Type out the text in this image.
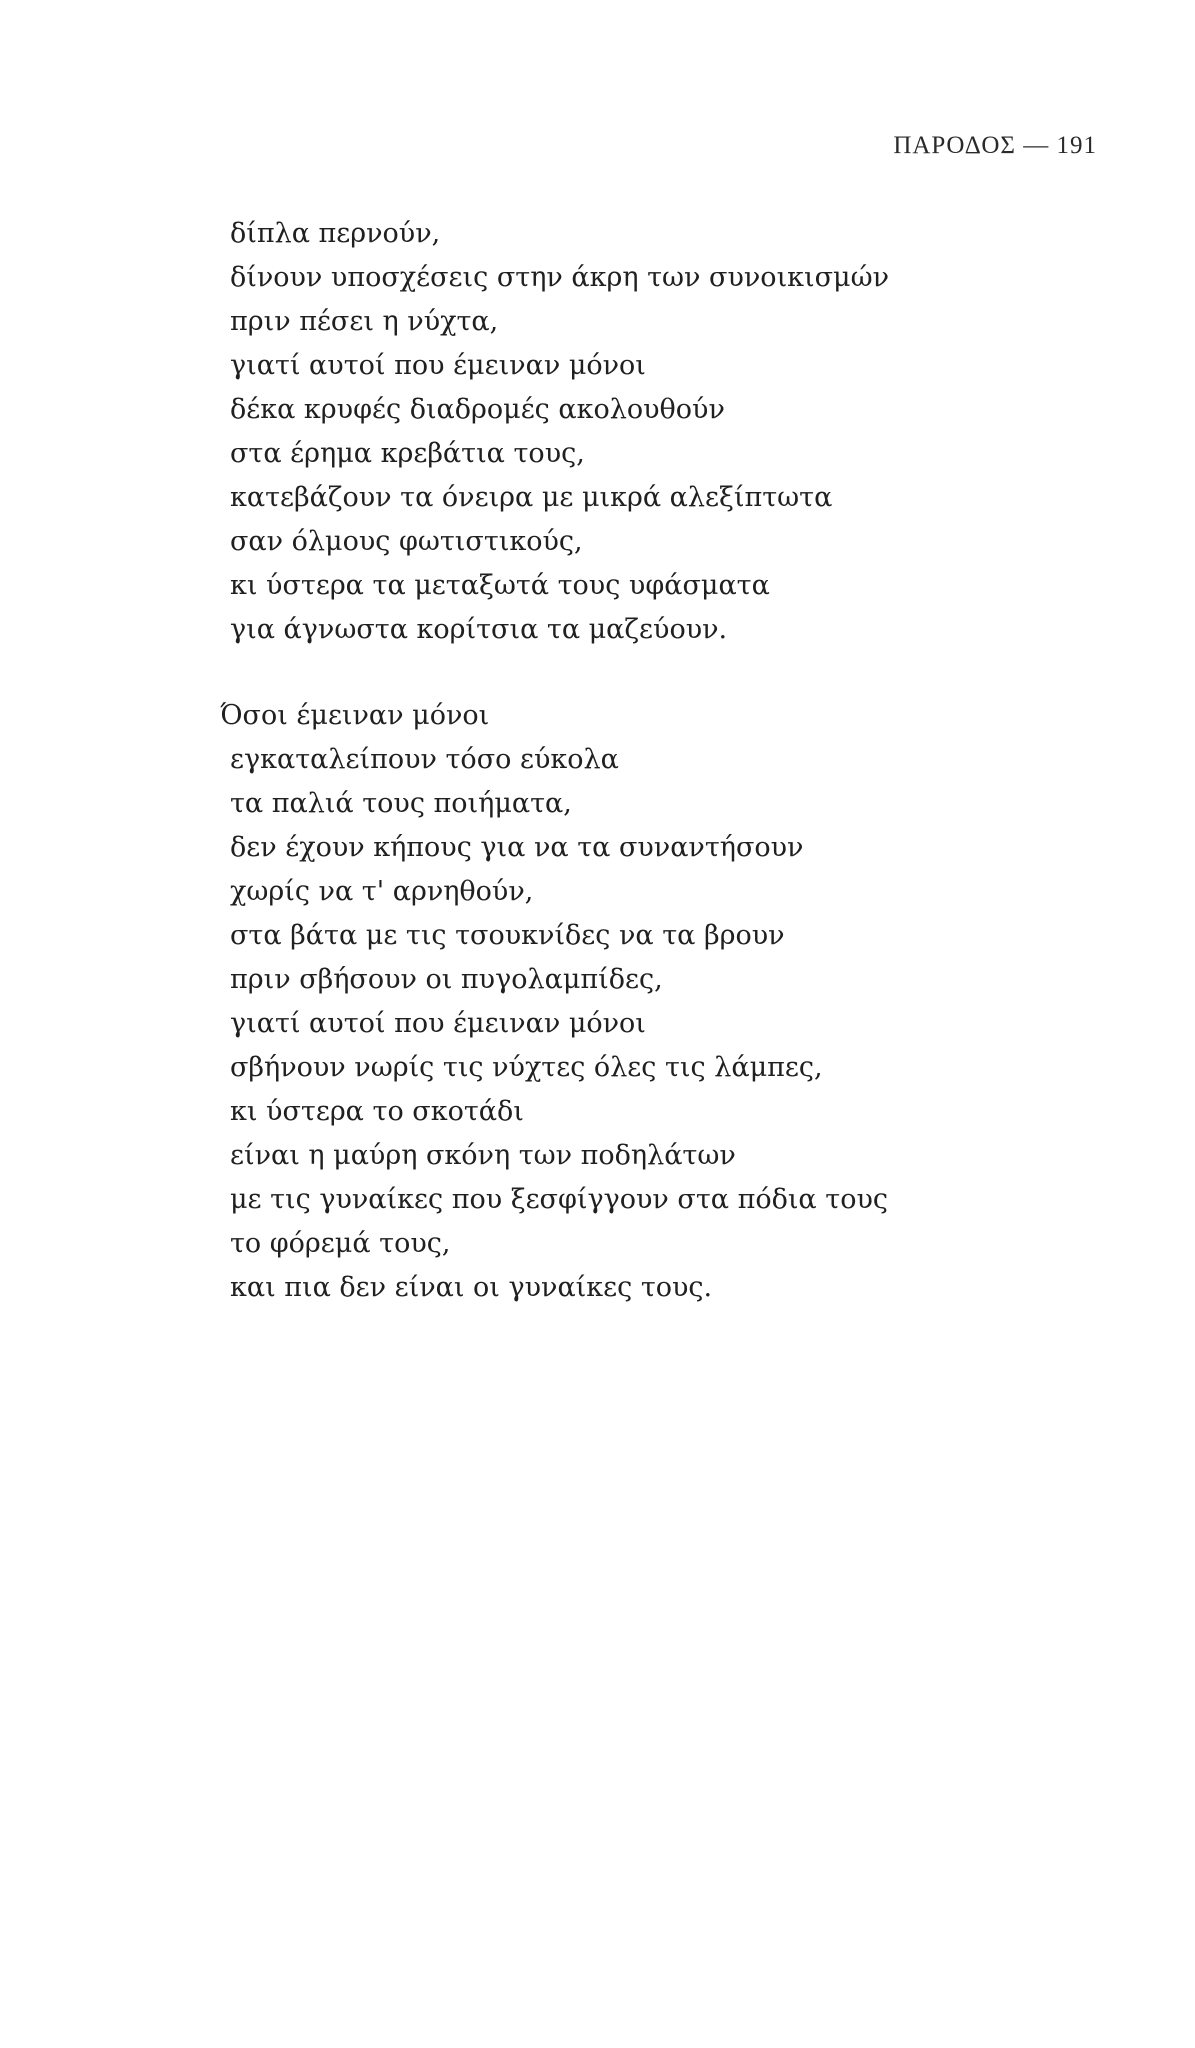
ΠΑΡΟΔΟΣ — 191
δίπλα περνούν,
δίνουν υποσχέσεις στην άκρη των συνοικισμών
πριν πέσει η νύχτα,
γιατί αυτοί που έμειναν μόνοι
δέκα κρυφές διαδρομές ακολουθούν
στα έρημα κρεβάτια τους,
κατεβάζουν τα όνειρα με μικρά αλεξίπτωτα
σαν όλμους φωτιστικούς,
κι ύστερα τα μεταξωτά τους υφάσματα
για άγνωστα κορίτσια τα μαζεύουν.
Όσοι έμειναν μόνοι
εγκαταλείπουν τόσο εύκολα
τα παλιά τους ποιήματα,
δεν έχουν κήπους για να τα συναντήσουν
χωρίς να τ' αρνηθούν,
στα βάτα με τις τσουκνίδες να τα βρουν
πριν σβήσουν οι πυγολαμπίδες,
γιατί αυτοί που έμειναν μόνοι
σβήνουν νωρίς τις νύχτες όλες τις λάμπες,
κι ύστερα το σκοτάδι
είναι η μαύρη σκόνη των ποδηλάτων
με τις γυναίκες που ξεσφίγγουν στα πόδια τους
το φόρεμά τους,
και πια δεν είναι οι γυναίκες τους.
